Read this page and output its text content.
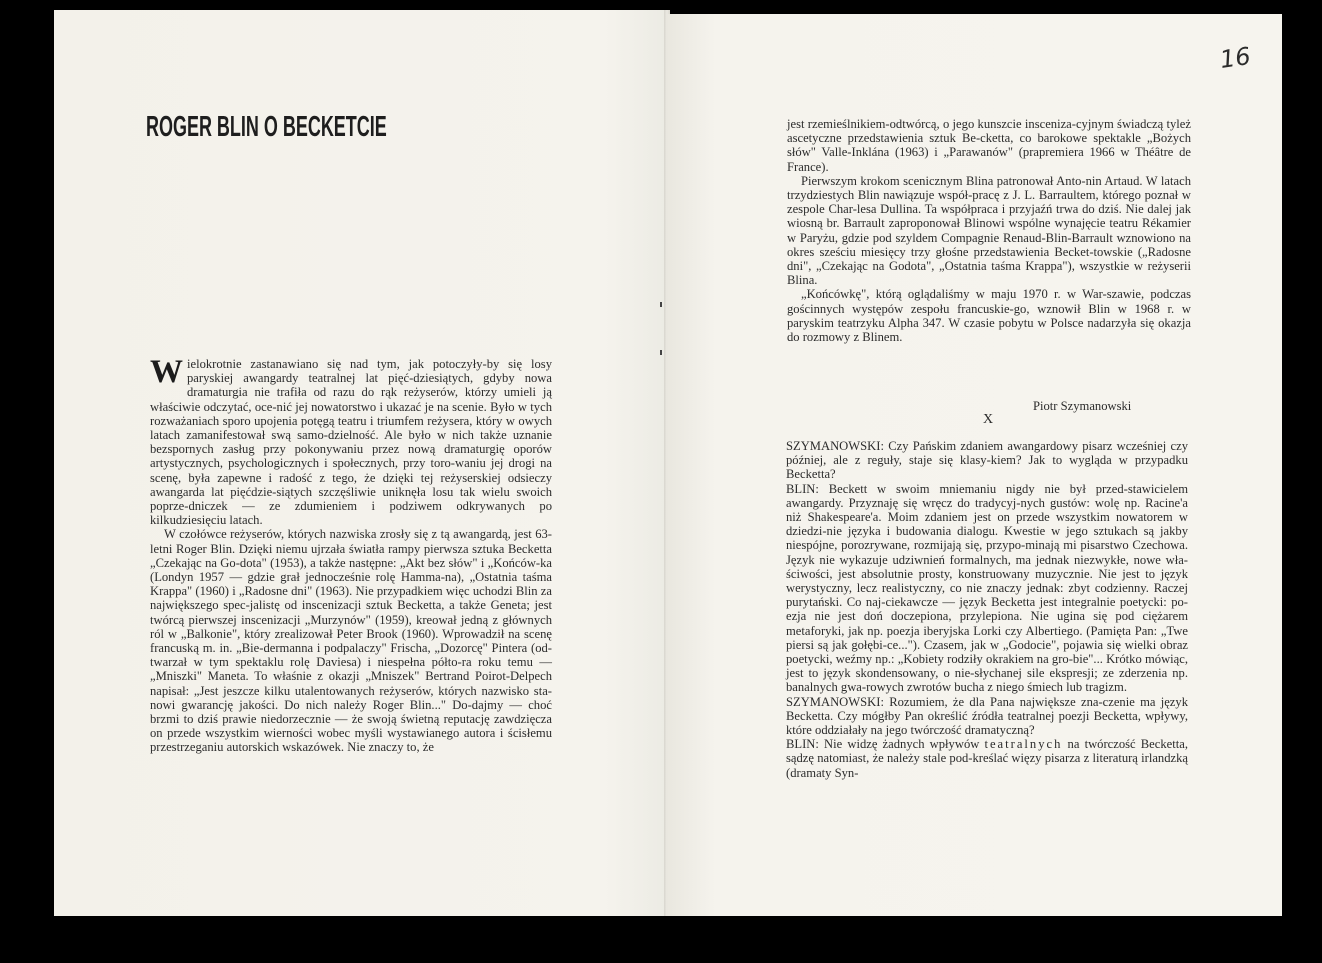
ROGER BLIN O BECKETCIE

Wielokrotnie zastanawiano się nad tym, jak potoczyły-by się losy paryskiej awangardy teatralnej lat pięć-dziesiątych, gdyby nowa dramaturgia nie trafiła od razu do rąk reżyserów, którzy umieli ją właściwie odczytać, oce-nić jej nowatorstwo i ukazać je na scenie. Było w tych rozważaniach sporo upojenia potęgą teatru i triumfem reżysera, który w owych latach zamanifestował swą samo-dzielność. Ale było w nich także uznanie bezspornych zasług przy pokonywaniu przez nową dramaturgię oporów artystycznych, psychologicznych i społecznych, przy toro-waniu jej drogi na scenę, była zapewne i radość z tego, że dzięki tej reżyserskiej odsieczy awangarda lat pięćdzie-siątych szczęśliwie uniknęła losu tak wielu swoich poprze-dniczek — ze zdumieniem i podziwem odkrywanych po kilkudziesięciu latach.

W czołówce reżyserów, których nazwiska zrosły się z tą awangardą, jest 63-letni Roger Blin. Dzięki niemu ujrzała światła rampy pierwsza sztuka Becketta „Czekając na Go-dota" (1953), a także następne: „Akt bez słów" i „Końców-ka (Londyn 1957 — gdzie grał jednocześnie rolę Hamma-na), „Ostatnia taśma Krappa" (1960) i „Radosne dni" (1963). Nie przypadkiem więc uchodzi Blin za największego spec-jalistę od inscenizacji sztuk Becketta, a także Geneta; jest twórcą pierwszej inscenizacji „Murzynów" (1959), kreował jedną z głównych ról w „Balkonie", który zrealizował Peter Brook (1960). Wprowadził na scenę francuską m. in. „Bie-dermanna i podpalaczy" Frischa, „Dozorcę" Pintera (od-twarzał w tym spektaklu rolę Daviesa) i niespełna półto-ra roku temu — „Mniszki" Maneta. To właśnie z okazji „Mniszek" Bertrand Poirot-Delpech napisał: „Jest jeszcze kilku utalentowanych reżyserów, których nazwisko sta-nowi gwarancję jakości. Do nich należy Roger Blin..." Do-dajmy — choć brzmi to dziś prawie niedorzecznie — że swoją świetną reputację zawdzięcza on przede wszystkim wierności wobec myśli wystawianego autora i ścisłemu przestrzeganiu autorskich wskazówek. Nie znaczy to, że

16

jest rzemieślnikiem-odtwórcą, o jego kunszcie insceniza-cyjnym świadczą tyleż ascetyczne przedstawienia sztuk Be-cketta, co barokowe spektakle „Bożych słów" Valle-Inklána (1963) i „Parawanów" (prapremiera 1966 w Théâtre de France).

Pierwszym krokom scenicznym Blina patronował Anto-nin Artaud. W latach trzydziestych Blin nawiązuje współ-pracę z J. L. Barraultem, którego poznał w zespole Char-lesa Dullina. Ta współpraca i przyjaźń trwa do dziś. Nie dalej jak wiosną br. Barrault zaproponował Blinowi wspólne wynajęcie teatru Rékamier w Paryżu, gdzie pod szyldem Compagnie Renaud-Blin-Barrault wznowiono na okres sześciu miesięcy trzy głośne przedstawienia Becket-towskie („Radosne dni", „Czekając na Godota", „Ostatnia taśma Krappa"), wszystkie w reżyserii Blina.

„Końcówkę", którą oglądaliśmy w maju 1970 r. w War-szawie, podczas gościnnych występów zespołu francuskie-go, wznowił Blin w 1968 r. w paryskim teatrzyku Alpha 347. W czasie pobytu w Polsce nadarzyła się okazja do rozmowy z Blinem.

Piotr Szymanowski
X

SZYMANOWSKI: Czy Pańskim zdaniem awangardowy pisarz wcześniej czy później, ale z reguły, staje się klasy-kiem? Jak to wygląda w przypadku Becketta?

BLIN: Beckett w swoim mniemaniu nigdy nie był przed-stawicielem awangardy. Przyznaję się wręcz do tradycyj-nych gustów: wolę np. Racine'a niż Shakespeare'a. Moim zdaniem jest on przede wszystkim nowatorem w dziedzi-nie języka i budowania dialogu. Kwestie w jego sztukach są jakby niespójne, porozrywane, rozmijają się, przypo-minają mi pisarstwo Czechowa. Język nie wykazuje udziwnień formalnych, ma jednak niezwykłe, nowe wła-ściwości, jest absolutnie prosty, konstruowany muzycznie. Nie jest to język werystyczny, lecz realistyczny, co nie znaczy jednak: zbyt codzienny. Raczej purytański. Co naj-ciekawcze — język Becketta jest integralnie poetycki: po-ezja nie jest doń doczepiona, przylepiona. Nie ugina się pod ciężarem metaforyki, jak np. poezja iberyjska Lorki czy Albertiego. (Pamięta Pan: „Twe piersi są jak gołębi-ce..."). Czasem, jak w „Godocie", pojawia się wielki obraz poetycki, weźmy np.: „Kobiety rodziły okrakiem na gro-bie"... Krótko mówiąc, jest to język skondensowany, o nie-słychanej sile ekspresji; ze zderzenia np. banalnych gwa-rowych zwrotów bucha z niego śmiech lub tragizm.

SZYMANOWSKI: Rozumiem, że dla Pana największe zna-czenie ma język Becketta. Czy mógłby Pan określić źródła teatralnej poezji Becketta, wpływy, które oddziałały na jego twórczość dramatyczną?

BLIN: Nie widzę żadnych wpływów teatralnych na twórczość Becketta, sądzę natomiast, że należy stale pod-kreślać więzy pisarza z literaturą irlandzką (dramaty Syn-
